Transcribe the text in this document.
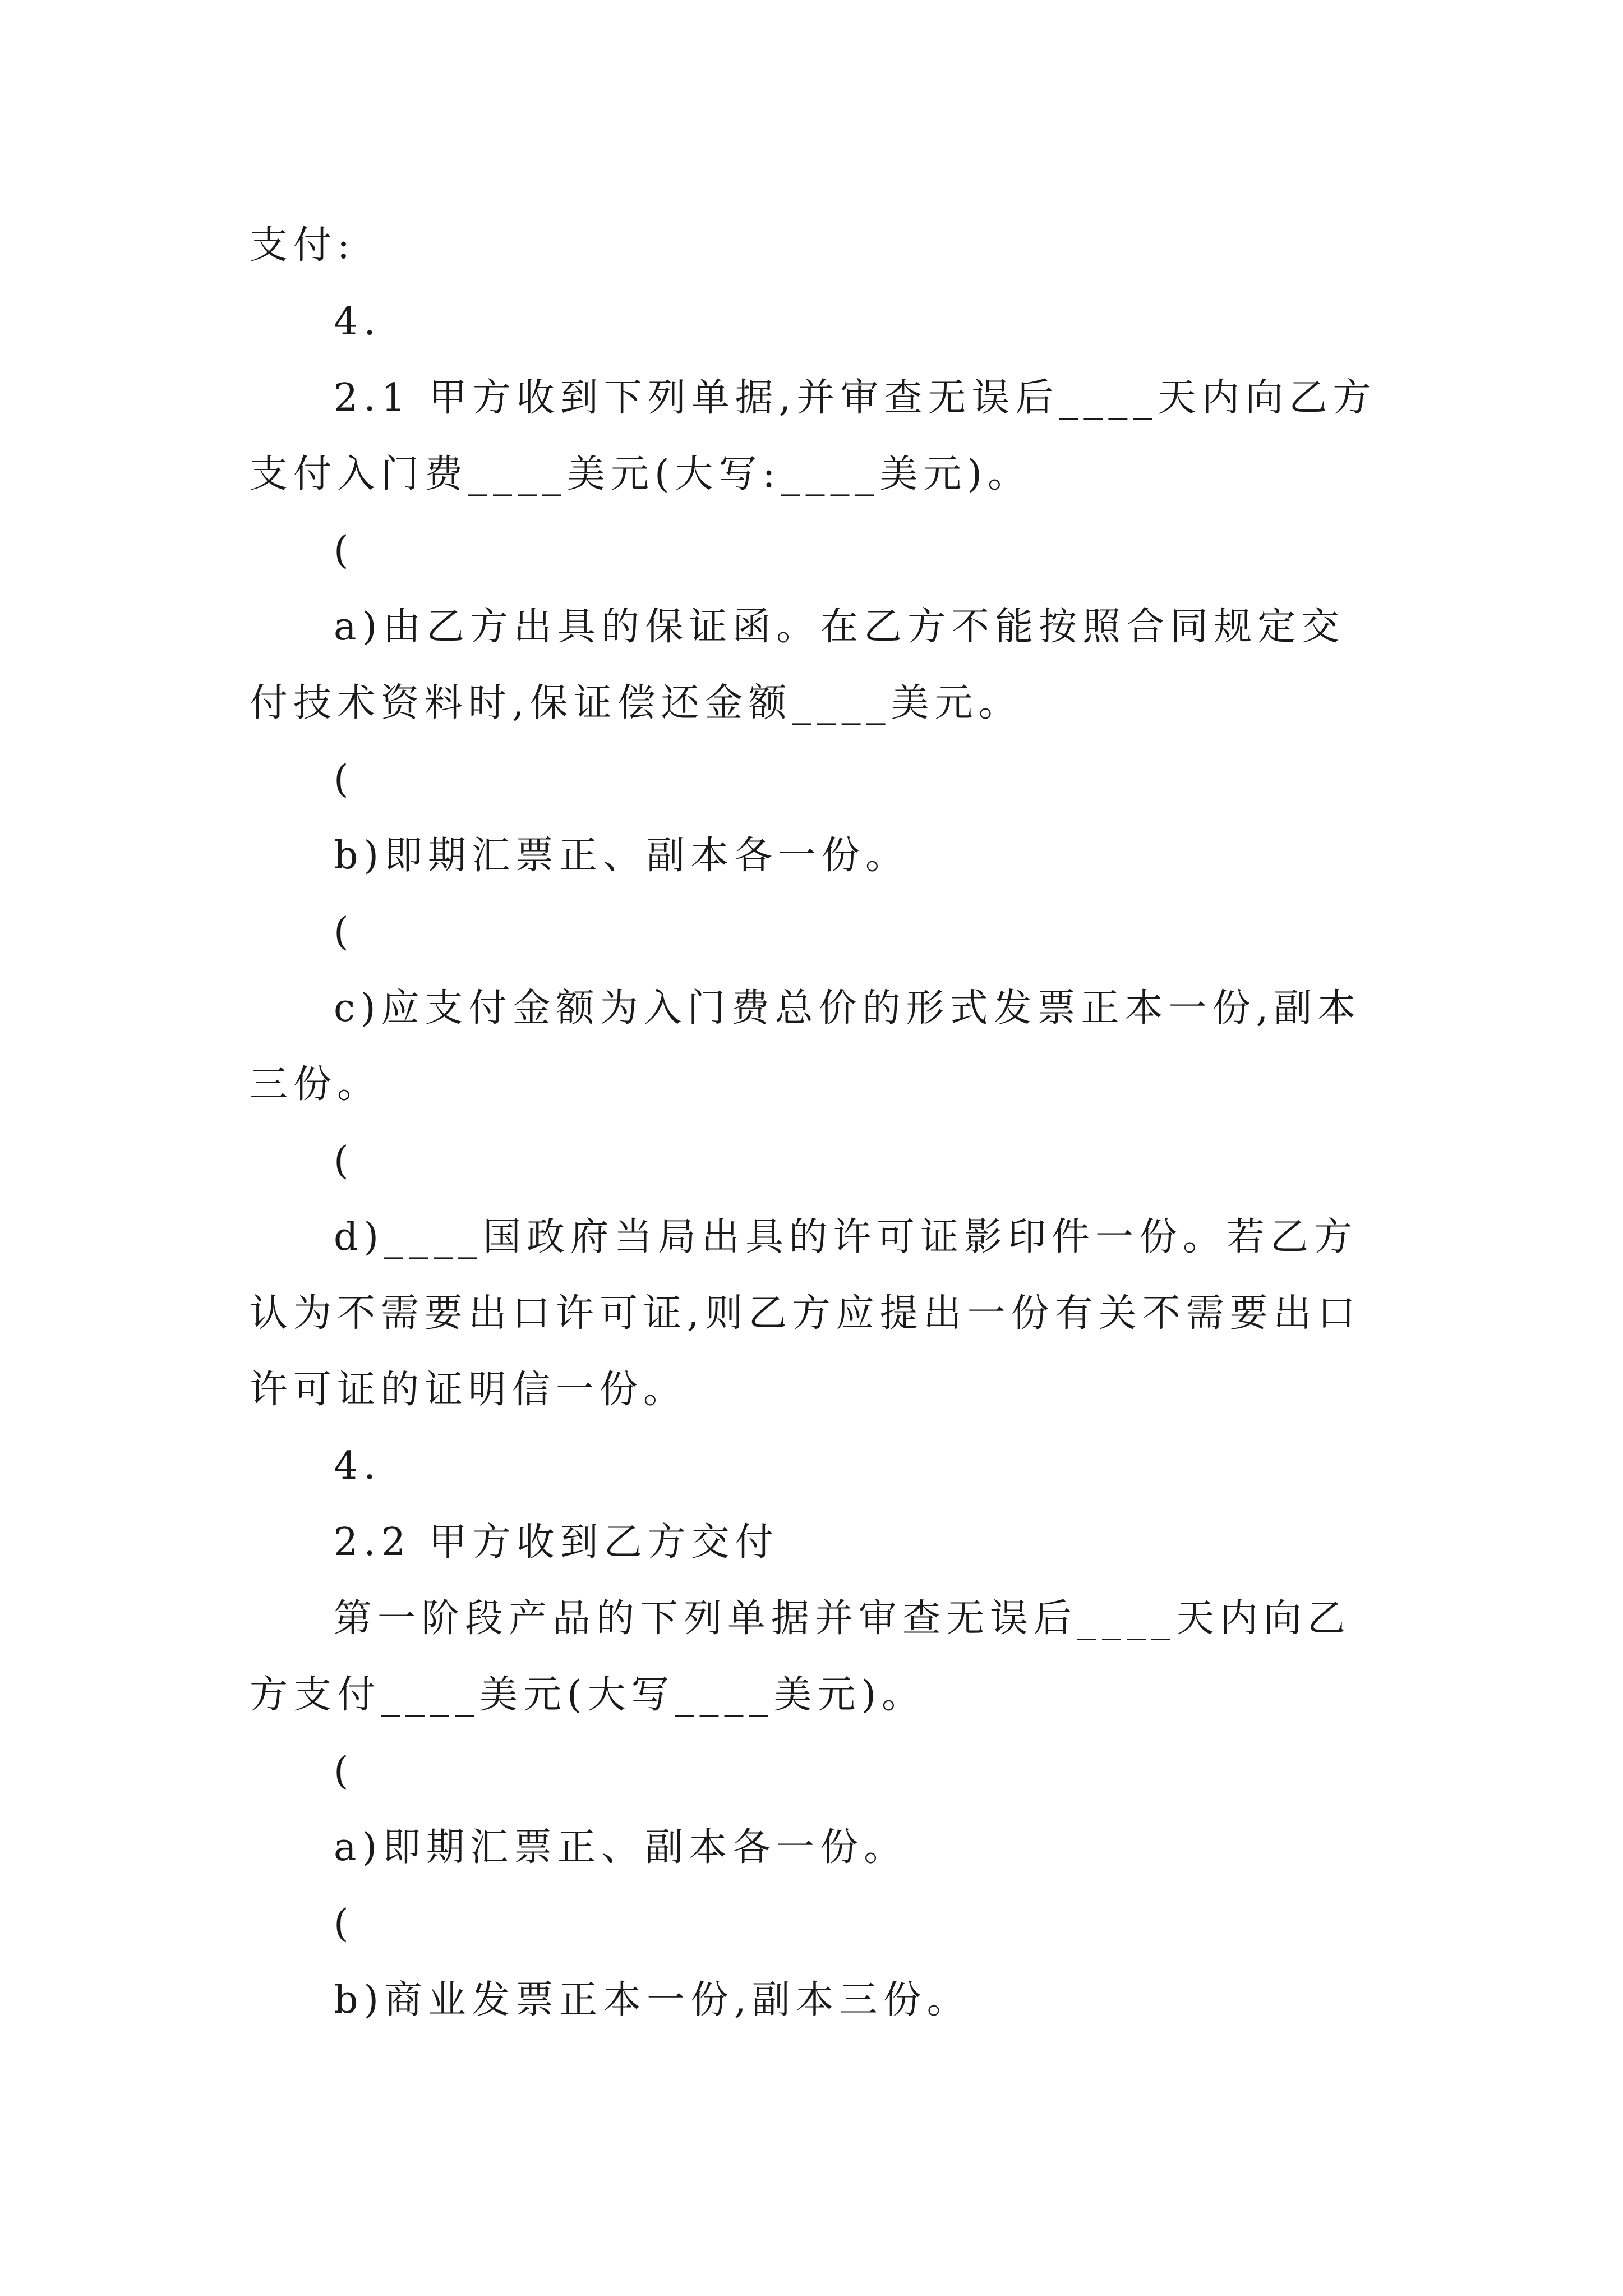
支付:

4.

2.1 甲方收到下列单据,并审查无误后____天内向乙方支付入门费____美元(大写:____美元)。

(

a)由乙方出具的保证函。在乙方不能按照合同规定交付技术资料时,保证偿还金额____美元。

(

b)即期汇票正、副本各一份。

(

c)应支付金额为入门费总价的形式发票正本一份,副本三份。

(

d)____国政府当局出具的许可证影印件一份。若乙方认为不需要出口许可证,则乙方应提出一份有关不需要出口许可证的证明信一份。

4.

2.2 甲方收到乙方交付

第一阶段产品的下列单据并审查无误后____天内向乙方支付____美元(大写____美元)。

(

a)即期汇票正、副本各一份。

(

b)商业发票正本一份,副本三份。
